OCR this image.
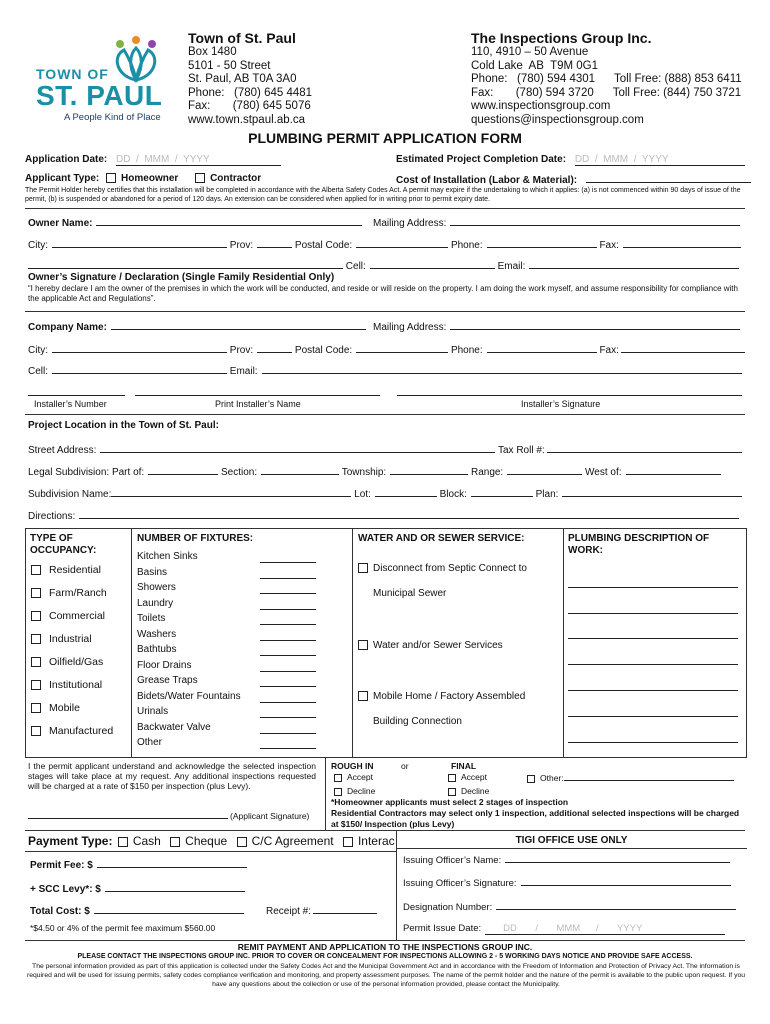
TOWN OF
ST. PAUL
A People Kind of Place
Town of St. Paul
Box 1480
5101 - 50 Street
St. Paul, AB T0A 3A0
Phone:   (780) 645 4481
Fax:       (780) 645 5076
www.town.stpaul.ab.ca
The Inspections Group Inc.
110, 4910 – 50 Avenue
Cold Lake  AB  T9M 0G1
Phone:   (780) 594 4301      Toll Free: (888) 853 6411
Fax:       (780) 594 3720      Toll Free: (844) 750 3721
www.inspectionsgroup.com
questions@inspectionsgroup.com
PLUMBING PERMIT APPLICATION FORM
Application Date: DD  /  MMM  /  YYYY	Estimated Project Completion Date: DD  /  MMM  /  YYYY
Applicant Type: Homeowner	Contractor	Cost of Installation (Labor & Material):
The Permit Holder hereby certifies that this installation will be completed in accordance with the Alberta Safety Codes Act. A permit may expire if the undertaking to which it applies: (a) is not commenced within 90 days of issue of the permit, (b) is suspended or abandoned for a period of 120 days. An extension can be considered when applied for in writing prior to permit expiry date.
Owner Name:	Mailing Address:
City:	Prov:	Postal Code:	Phone:	Fax:
Cell:	Email:
Owner’s Signature / Declaration (Single Family Residential Only)
“I hereby declare I am the owner of the premises in which the work will be conducted, and reside or will reside on the property. I am doing the work myself, and assume responsibility for compliance with the applicable Act and Regulations”.
Company Name:	Mailing Address:
City:	Prov:	Postal Code:	Phone:	Fax:
Cell:	Email:
Installer’s Number	Print Installer’s Name	Installer’s Signature
Project Location in the Town of St. Paul:
Street Address:	Tax Roll #:
Legal Subdivision: Part of:	Section:	Township:	Range:	West of:
Subdivision Name:	Lot:	Block:	Plan:
Directions:
TYPE OF OCCUPANCY:
Residential
Farm/Ranch
Commercial
Industrial
Oilfield/Gas
Institutional
Mobile
Manufactured
NUMBER OF FIXTURES:
Kitchen Sinks
Basins
Showers
Laundry
Toilets
Washers
Bathtubs
Floor Drains
Grease Traps
Bidets/Water Fountains
Urinals
Backwater Valve
Other
WATER AND OR SEWER SERVICE:
Disconnect from Septic Connect to
Municipal Sewer
Water and/or Sewer Services
Mobile Home / Factory Assembled
Building Connection
PLUMBING DESCRIPTION OF WORK:
I the permit applicant understand and acknowledge the selected inspection stages will take place at my request. Any additional inspections requested will be charged at a rate of $150 per inspection (plus Levy).
(Applicant Signature)
ROUGH IN	or	FINAL
Accept	Accept	Other:
Decline	Decline
*Homeowner applicants must select 2 stages of inspection
Residential Contractors may select only 1 inspection, additional selected inspections will be charged at $150/ Inspection (plus Levy)
Payment Type: Cash Cheque C/C Agreement Interac
Permit Fee: $
+ SCC Levy*: $
Total Cost: $	Receipt #:
*$4.50 or 4% of the permit fee maximum $560.00
TIGI OFFICE USE ONLY
Issuing Officer’s Name:
Issuing Officer’s Signature:
Designation Number:
Permit Issue Date: DD       /       MMM      /       YYYY
REMIT PAYMENT AND APPLICATION TO THE INSPECTIONS GROUP INC.
PLEASE CONTACT THE INSPECTIONS GROUP INC. PRIOR TO COVER OR CONCEALMENT FOR INSPECTIONS ALLOWING 2 - 5 WORKING DAYS NOTICE AND PROVIDE SAFE ACCESS.
The personal information provided as part of this application is collected under the Safety Codes Act and the Municipal Government Act and in accordance with the Freedom of Information and Protection of Privacy Act. The information is required and will be used for issuing permits, safety codes compliance verification and monitoring, and property assessment purposes. The name of the permit holder and the nature of the permit is available to the public upon request. If you have any questions about the collection or use of the personal information provided, please contact the Municipality.
